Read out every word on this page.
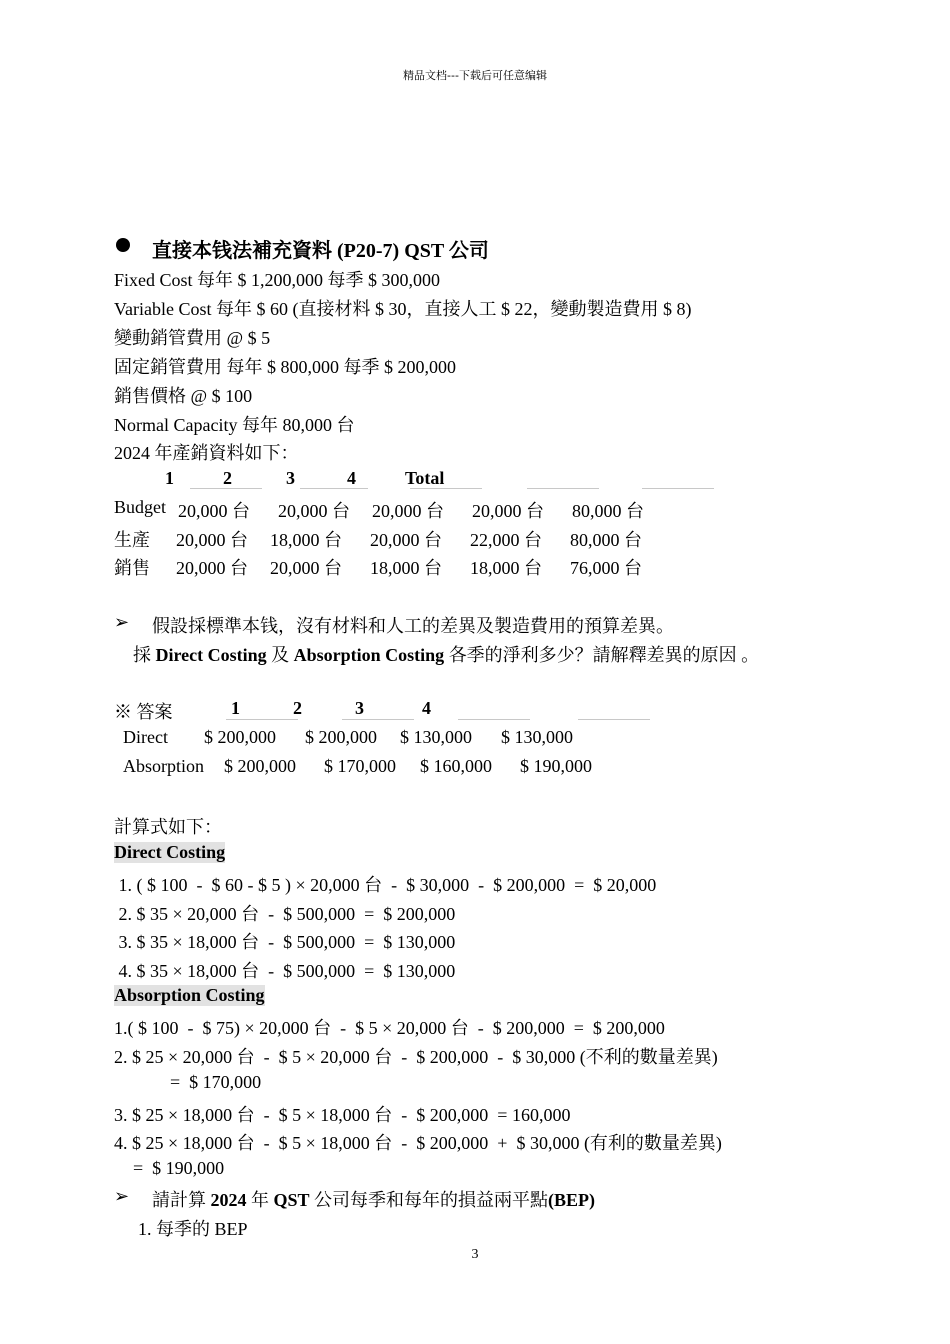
精品文档---下载后可任意编辑
直接本钱法補充資料 (P20-7) QST 公司
Fixed Cost 每年 $ 1,200,000 每季 $ 300,000
Variable Cost 每年 $ 60 (直接材料 $ 30，直接人工 $ 22，變動製造費用 $ 8)
變動銷管費用 @ $ 5
固定銷管費用 每年 $ 800,000 每季 $ 200,000
銷售價格 @ $ 100
Normal Capacity 每年 80,000 台
2024 年產銷資料如下：
1	2	3	4	Total
Budget 20,000 台 20,000 台 20,000 台 20,000 台 80,000 台
生產 20,000 台 18,000 台 20,000 台 22,000 台 80,000 台
銷售 20,000 台 20,000 台 18,000 台 18,000 台 76,000 台
➢ 假設採標準本钱，沒有材料和人工的差異及製造費用的預算差異。
採 Direct Costing 及 Absorption Costing 各季的淨利多少？請解釋差異的原因 。
※ 答案	1	2	3	4
Direct $ 200,000 $ 200,000 $ 130,000 $ 130,000
Absorption $ 200,000 $ 170,000 $ 160,000 $ 190,000
計算式如下：
Direct Costing
1. ( $ 100  -  $ 60 - $ 5 ) × 20,000 台  -  $ 30,000  -  $ 200,000  =  $ 20,000
2. $ 35 × 20,000 台  -  $ 500,000  =  $ 200,000
3. $ 35 × 18,000 台  -  $ 500,000  =  $ 130,000
4. $ 35 × 18,000 台  -  $ 500,000  =  $ 130,000
Absorption Costing
1.( $ 100  -  $ 75) × 20,000 台  -  $ 5 × 20,000 台  -  $ 200,000  =  $ 200,000
2. $ 25 × 20,000 台  -  $ 5 × 20,000 台  -  $ 200,000  -  $ 30,000 (不利的數量差異)
=  $ 170,000
3. $ 25 × 18,000 台  -  $ 5 × 18,000 台  -  $ 200,000  = 160,000
4. $ 25 × 18,000 台  -  $ 5 × 18,000 台  -  $ 200,000  +  $ 30,000 (有利的數量差異)
=  $ 190,000
➢ 請計算 2024 年 QST 公司每季和每年的損益兩平點(BEP)
1. 每季的 BEP
3
